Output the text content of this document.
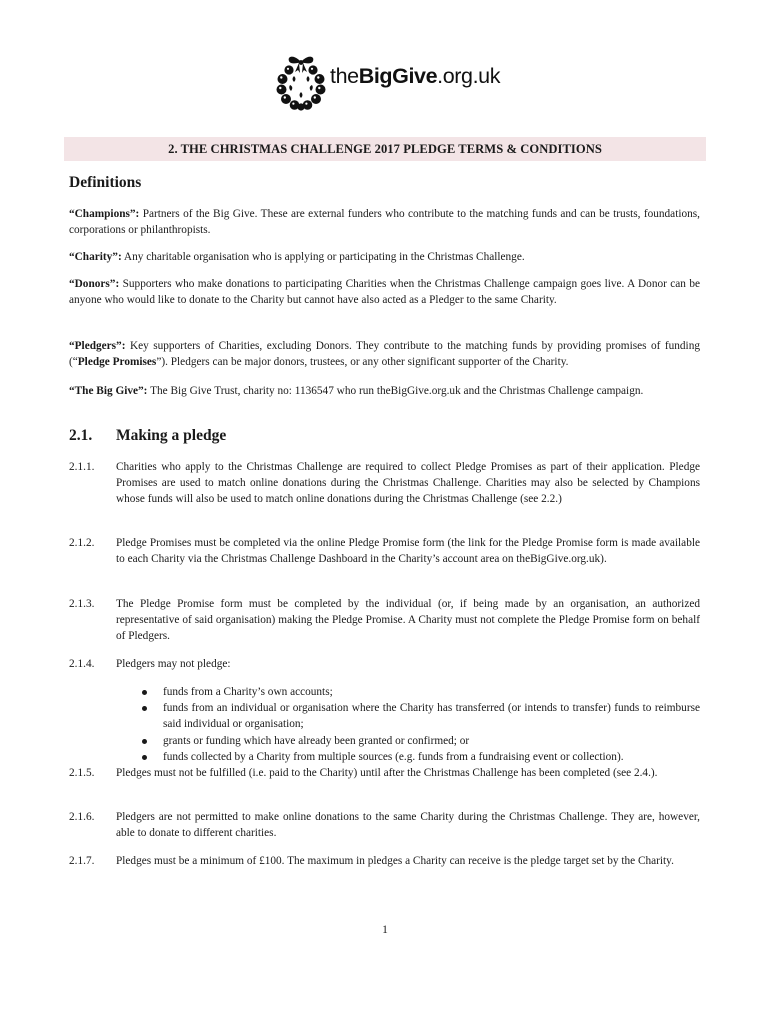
theBigGive.org.uk
2. THE CHRISTMAS CHALLENGE 2017 PLEDGE TERMS & CONDITIONS
Definitions

“Champions”: Partners of the Big Give. These are external funders who contribute to the matching funds and can be trusts, foundations, corporations or philanthropists.

“Charity”: Any charitable organisation who is applying or participating in the Christmas Challenge.

“Donors”: Supporters who make donations to participating Charities when the Christmas Challenge campaign goes live. A Donor can be anyone who would like to donate to the Charity but cannot have also acted as a Pledger to the same Charity.

“Pledgers”: Key supporters of Charities, excluding Donors. They contribute to the matching funds by providing promises of funding (“Pledge Promises”). Pledgers can be major donors, trustees, or any other significant supporter of the Charity.

“The Big Give”: The Big Give Trust, charity no: 1136547 who run theBigGive.org.uk and the Christmas Challenge campaign.

2.1. Making a pledge
2.1.1.	Charities who apply to the Christmas Challenge are required to collect Pledge Promises as part of their application. Pledge Promises are used to match online donations during the Christmas Challenge. Charities may also be selected by Champions whose funds will also be used to match online donations during the Christmas Challenge (see 2.2.)
2.1.2.	Pledge Promises must be completed via the online Pledge Promise form (the link for the Pledge Promise form is made available to each Charity via the Christmas Challenge Dashboard in the Charity’s account area on theBigGive.org.uk).
2.1.3.	The Pledge Promise form must be completed by the individual (or, if being made by an organisation, an authorized representative of said organisation) making the Pledge Promise. A Charity must not complete the Pledge Promise form on behalf of Pledgers.
2.1.4.	Pledgers may not pledge:
funds from a Charity’s own accounts;
funds from an individual or organisation where the Charity has transferred (or intends to transfer) funds to reimburse said individual or organisation;
grants or funding which have already been granted or confirmed; or
funds collected by a Charity from multiple sources (e.g. funds from a fundraising event or collection).
2.1.5.	Pledges must not be fulfilled (i.e. paid to the Charity) until after the Christmas Challenge has been completed (see 2.4.).
2.1.6.	Pledgers are not permitted to make online donations to the same Charity during the Christmas Challenge. They are, however, able to donate to different charities.
2.1.7.	Pledges must be a minimum of £100. The maximum in pledges a Charity can receive is the pledge target set by the Charity.
1
